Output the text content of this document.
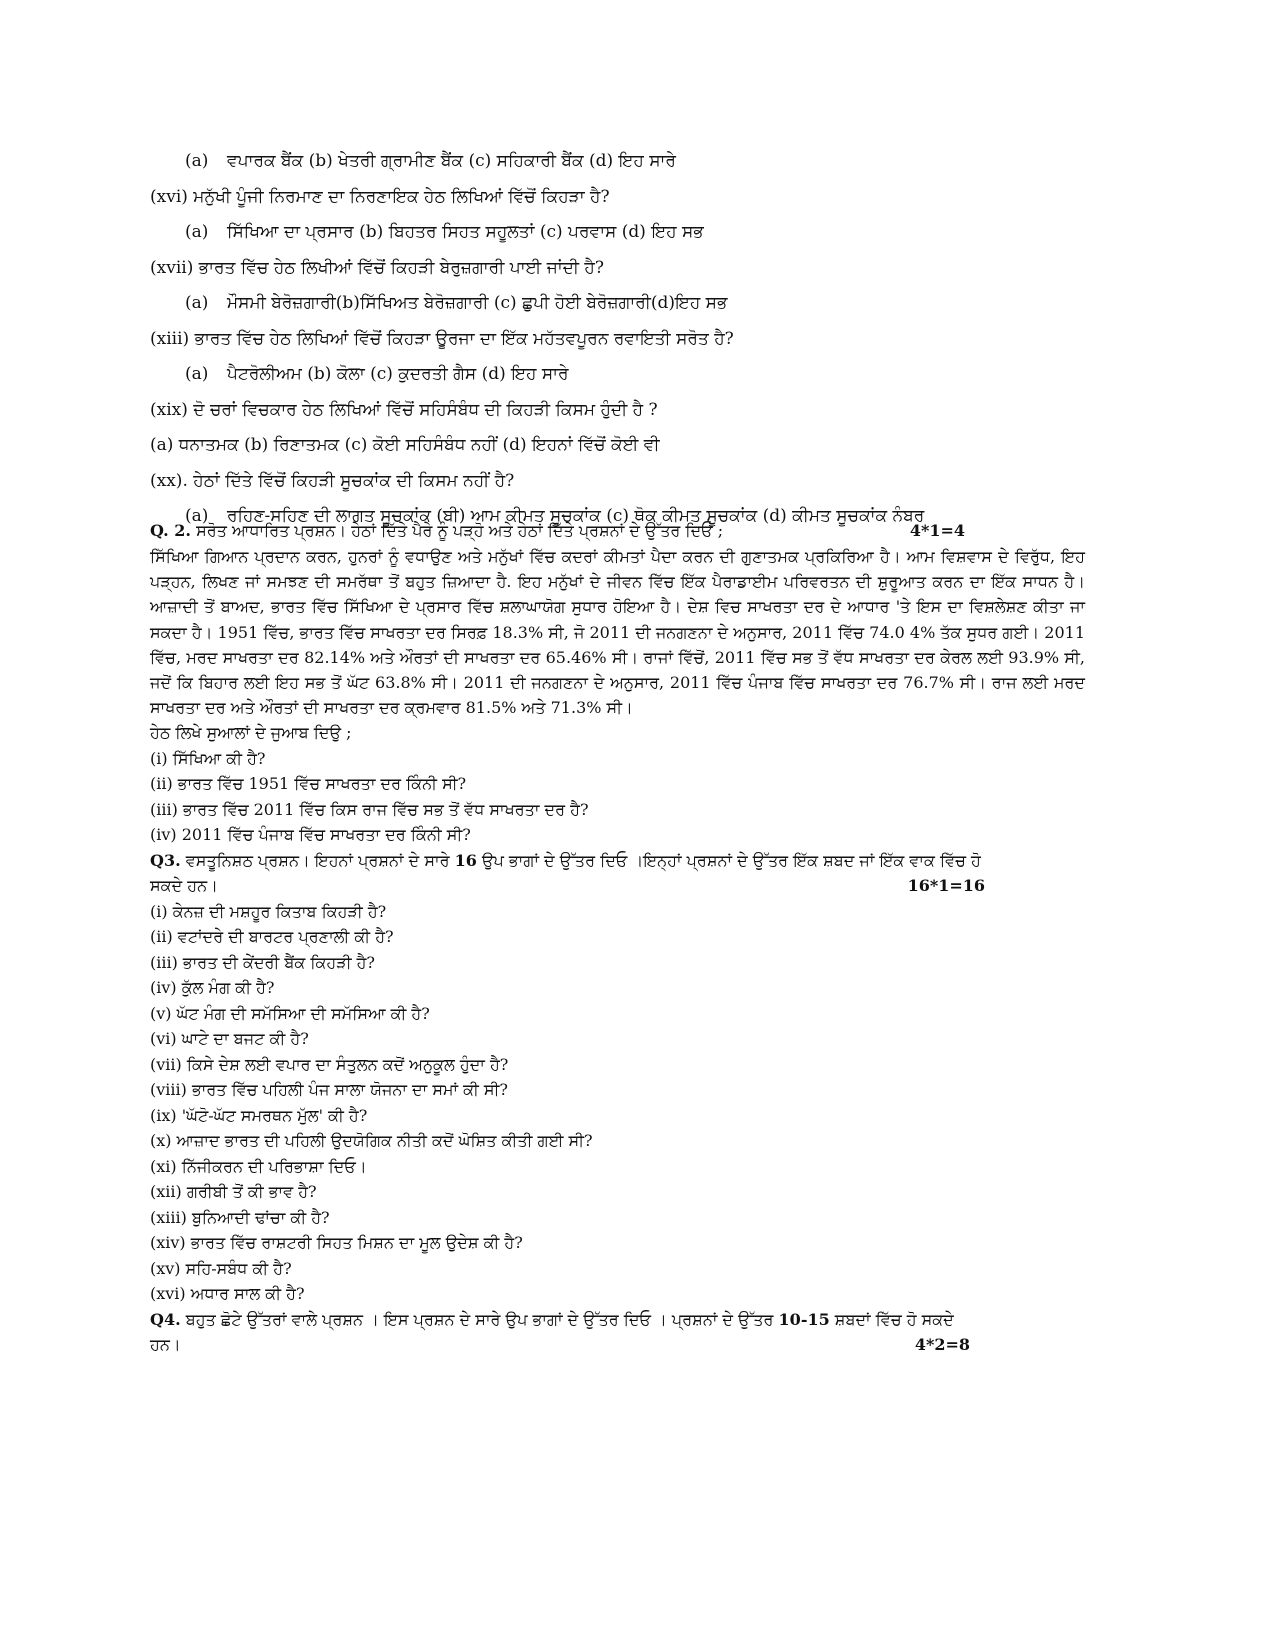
(a) ਵਪਾਰਕ ਬੈਂਕ (b) ਖੇਤਰੀ ਗ੍ਰਾਮੀਣ ਬੈਂਕ (c) ਸਹਿਕਾਰੀ ਬੈਂਕ (d) ਇਹ ਸਾਰੇ
(xvi) ਮਨੁੱਖੀ ਪੂੰਜੀ ਨਿਰਮਾਣ ਦਾ ਨਿਰਣਾਇਕ ਹੇਠ ਲਿਖਿਆਂ ਵਿੱਚੋਂ ਕਿਹੜਾ ਹੈ?
(a) ਸਿੱਖਿਆ ਦਾ ਪ੍ਰਸਾਰ (b) ਬਿਹਤਰ ਸਿਹਤ ਸਹੂਲਤਾਂ (c) ਪਰਵਾਸ (d) ਇਹ ਸਭ
(xvii) ਭਾਰਤ ਵਿੱਚ ਹੇਠ ਲਿਖੀਆਂ ਵਿੱਚੋਂ ਕਿਹੜੀ ਬੇਰੁਜ਼ਗਾਰੀ ਪਾਈ ਜਾਂਦੀ ਹੈ?
(a) ਮੌਸਮੀ ਬੇਰੋਜ਼ਗਾਰੀ(b)ਸਿੱਖਿਅਤ ਬੇਰੋਜ਼ਗਾਰੀ (c) ਛੁਪੀ ਹੋਈ ਬੇਰੋਜ਼ਗਾਰੀ(d)ਇਹ ਸਭ
(xiii) ਭਾਰਤ ਵਿੱਚ ਹੇਠ ਲਿਖਿਆਂ ਵਿੱਚੋਂ ਕਿਹੜਾ ਊਰਜਾ ਦਾ ਇੱਕ ਮਹੱਤਵਪੂਰਨ ਰਵਾਇਤੀ ਸਰੋਤ ਹੈ?
(a) ਪੈਟਰੋਲੀਅਮ (b) ਕੋਲਾ (c) ਕੁਦਰਤੀ ਗੈਸ (d) ਇਹ ਸਾਰੇ
(xix) ਦੋ ਚਰਾਂ ਵਿਚਕਾਰ ਹੇਠ ਲਿਖਿਆਂ ਵਿੱਚੋਂ ਸਹਿਸੰਬੰਧ ਦੀ ਕਿਹੜੀ ਕਿਸਮ ਹੁੰਦੀ ਹੈ ?
(a) ਧਨਾਤਮਕ (b) ਰਿਣਾਤਮਕ (c) ਕੋਈ ਸਹਿਸੰਬੰਧ ਨਹੀਂ (d) ਇਹਨਾਂ ਵਿੱਚੋਂ ਕੋਈ ਵੀ
(xx). ਹੇਠਾਂ ਦਿੱਤੇ ਵਿੱਚੋਂ ਕਿਹੜੀ ਸੂਚਕਾਂਕ ਦੀ ਕਿਸਮ ਨਹੀਂ ਹੈ?
(a) ਰਹਿਣ-ਸਹਿਣ ਦੀ ਲਾਗਤ ਸੂਚਕਾਂਕ (ਬੀ) ਆਮ ਕੀਮਤ ਸੂਚਕਾਂਕ (c) ਥੋਕ ਕੀਮਤ ਸੂਚਕਾਂਕ (d) ਕੀਮਤ ਸੂਚਕਾਂਕ ਨੰਬਰ
Q. 2. ਸਰੋਤ ਆਧਾਰਿਤ ਪ੍ਰਸ਼ਨ। ਹੇਠਾਂ ਦਿੱਤੇ ਪੈਰੇ ਨੂੰ ਪੜ੍ਹੋ ਅਤੇ ਹੇਠਾਂ ਦਿੱਤੇ ਪ੍ਰਸ਼ਨਾਂ ਦੇ ਉੱਤਰ ਦਿਓ ;	4*1=4
ਸਿੱਖਿਆ ਗਿਆਨ ਪ੍ਰਦਾਨ ਕਰਨ, ਹੁਨਰਾਂ ਨੂੰ ਵਧਾਉਣ ਅਤੇ ਮਨੁੱਖਾਂ ਵਿੱਚ ਕਦਰਾਂ ਕੀਮਤਾਂ ਪੈਦਾ ਕਰਨ ਦੀ ਗੁਣਾਤਮਕ ਪ੍ਰਕਿਰਿਆ ਹੈ। ਆਮ ਵਿਸ਼ਵਾਸ ਦੇ ਵਿਰੁੱਧ, ਇਹ ਪੜ੍ਹਨ, ਲਿਖਣ ਜਾਂ ਸਮਝਣ ਦੀ ਸਮਰੱਥਾ ਤੋਂ ਬਹੁਤ ਜ਼ਿਆਦਾ ਹੈ. ਇਹ ਮਨੁੱਖਾਂ ਦੇ ਜੀਵਨ ਵਿੱਚ ਇੱਕ ਪੈਰਾਡਾਈਮ ਪਰਿਵਰਤਨ ਦੀ ਸ਼ੁਰੂਆਤ ਕਰਨ ਦਾ ਇੱਕ ਸਾਧਨ ਹੈ। ਆਜ਼ਾਦੀ ਤੋਂ ਬਾਅਦ, ਭਾਰਤ ਵਿੱਚ ਸਿੱਖਿਆ ਦੇ ਪ੍ਰਸਾਰ ਵਿੱਚ ਸ਼ਲਾਘਾਯੋਗ ਸੁਧਾਰ ਹੋਇਆ ਹੈ। ਦੇਸ਼ ਵਿਚ ਸਾਖਰਤਾ ਦਰ ਦੇ ਆਧਾਰ 'ਤੇ ਇਸ ਦਾ ਵਿਸ਼ਲੇਸ਼ਣ ਕੀਤਾ ਜਾ ਸਕਦਾ ਹੈ। 1951 ਵਿੱਚ, ਭਾਰਤ ਵਿੱਚ ਸਾਖਰਤਾ ਦਰ ਸਿਰਫ਼ 18.3% ਸੀ, ਜੋ 2011 ਦੀ ਜਨਗਣਨਾ ਦੇ ਅਨੁਸਾਰ, 2011 ਵਿੱਚ 74.0 4% ਤੱਕ ਸੁਧਰ ਗਈ। 2011 ਵਿੱਚ, ਮਰਦ ਸਾਖਰਤਾ ਦਰ 82.14% ਅਤੇ ਔਰਤਾਂ ਦੀ ਸਾਖਰਤਾ ਦਰ 65.46% ਸੀ। ਰਾਜਾਂ ਵਿੱਚੋਂ, 2011 ਵਿੱਚ ਸਭ ਤੋਂ ਵੱਧ ਸਾਖਰਤਾ ਦਰ ਕੇਰਲ ਲਈ 93.9% ਸੀ, ਜਦੋਂ ਕਿ ਬਿਹਾਰ ਲਈ ਇਹ ਸਭ ਤੋਂ ਘੱਟ 63.8% ਸੀ। 2011 ਦੀ ਜਨਗਣਨਾ ਦੇ ਅਨੁਸਾਰ, 2011 ਵਿੱਚ ਪੰਜਾਬ ਵਿੱਚ ਸਾਖਰਤਾ ਦਰ 76.7% ਸੀ। ਰਾਜ ਲਈ ਮਰਦ ਸਾਖਰਤਾ ਦਰ ਅਤੇ ਔਰਤਾਂ ਦੀ ਸਾਖਰਤਾ ਦਰ ਕ੍ਰਮਵਾਰ 81.5% ਅਤੇ 71.3% ਸੀ।
ਹੇਠ ਲਿਖੇ ਸੁਆਲਾਂ ਦੇ ਜੁਆਬ ਦਿਉ ;
(i) ਸਿੱਖਿਆ ਕੀ ਹੈ?
(ii) ਭਾਰਤ ਵਿੱਚ 1951 ਵਿੱਚ ਸਾਖਰਤਾ ਦਰ ਕਿੰਨੀ ਸੀ?
(iii) ਭਾਰਤ ਵਿੱਚ 2011 ਵਿੱਚ ਕਿਸ ਰਾਜ ਵਿੱਚ ਸਭ ਤੋਂ ਵੱਧ ਸਾਖਰਤਾ ਦਰ ਹੈ?
(iv) 2011 ਵਿੱਚ ਪੰਜਾਬ ਵਿੱਚ ਸਾਖਰਤਾ ਦਰ ਕਿੰਨੀ ਸੀ?
Q3. ਵਸਤੂਨਿਸ਼ਠ ਪ੍ਰਸ਼ਨ। ਇਹਨਾਂ ਪ੍ਰਸ਼ਨਾਂ ਦੇ ਸਾਰੇ 16 ਉਪ ਭਾਗਾਂ ਦੇ ਉੱਤਰ ਦਿਓ ।ਇਨ੍ਹਾਂ ਪ੍ਰਸ਼ਨਾਂ ਦੇ ਉੱਤਰ ਇੱਕ ਸ਼ਬਦ ਜਾਂ ਇੱਕ ਵਾਕ ਵਿੱਚ ਹੋ
ਸਕਦੇ ਹਨ।	16*1=16
(i) ਕੇਨਜ਼ ਦੀ ਮਸ਼ਹੂਰ ਕਿਤਾਬ ਕਿਹੜੀ ਹੈ?
(ii) ਵਟਾਂਦਰੇ ਦੀ ਬਾਰਟਰ ਪ੍ਰਣਾਲੀ ਕੀ ਹੈ?
(iii) ਭਾਰਤ ਦੀ ਕੇਂਦਰੀ ਬੈਂਕ ਕਿਹੜੀ ਹੈ?
(iv) ਕੁੱਲ ਮੰਗ ਕੀ ਹੈ?
(v) ਘੱਟ ਮੰਗ ਦੀ ਸਮੱਸਿਆ ਦੀ ਸਮੱਸਿਆ ਕੀ ਹੈ?
(vi) ਘਾਟੇ ਦਾ ਬਜਟ ਕੀ ਹੈ?
(vii) ਕਿਸੇ ਦੇਸ਼ ਲਈ ਵਪਾਰ ਦਾ ਸੰਤੁਲਨ ਕਦੋਂ ਅਨੁਕੂਲ ਹੁੰਦਾ ਹੈ?
(viii) ਭਾਰਤ ਵਿੱਚ ਪਹਿਲੀ ਪੰਜ ਸਾਲਾ ਯੋਜਨਾ ਦਾ ਸਮਾਂ ਕੀ ਸੀ?
(ix) 'ਘੱਟੋ-ਘੱਟ ਸਮਰਥਨ ਮੁੱਲ' ਕੀ ਹੈ?
(x) ਆਜ਼ਾਦ ਭਾਰਤ ਦੀ ਪਹਿਲੀ ਉਦਯੋਗਿਕ ਨੀਤੀ ਕਦੋਂ ਘੋਸ਼ਿਤ ਕੀਤੀ ਗਈ ਸੀ?
(xi) ਨਿੱਜੀਕਰਨ ਦੀ ਪਰਿਭਾਸ਼ਾ ਦਿਓ।
(xii) ਗਰੀਬੀ ਤੋਂ ਕੀ ਭਾਵ ਹੈ?
(xiii) ਬੁਨਿਆਦੀ ਢਾਂਚਾ ਕੀ ਹੈ?
(xiv) ਭਾਰਤ ਵਿੱਚ ਰਾਸ਼ਟਰੀ ਸਿਹਤ ਮਿਸ਼ਨ ਦਾ ਮੂਲ ਉਦੇਸ਼ ਕੀ ਹੈ?
(xv) ਸਹਿ-ਸਬੰਧ ਕੀ ਹੈ?
(xvi) ਅਧਾਰ ਸਾਲ ਕੀ ਹੈ?
Q4. ਬਹੁਤ ਛੋਟੇ ਉੱਤਰਾਂ ਵਾਲੇ ਪ੍ਰਸ਼ਨ । ਇਸ ਪ੍ਰਸ਼ਨ ਦੇ ਸਾਰੇ ਉਪ ਭਾਗਾਂ ਦੇ ਉੱਤਰ ਦਿਓ । ਪ੍ਰਸ਼ਨਾਂ ਦੇ ਉੱਤਰ 10-15 ਸ਼ਬਦਾਂ ਵਿੱਚ ਹੋ ਸਕਦੇ
ਹਨ।	4*2=8
